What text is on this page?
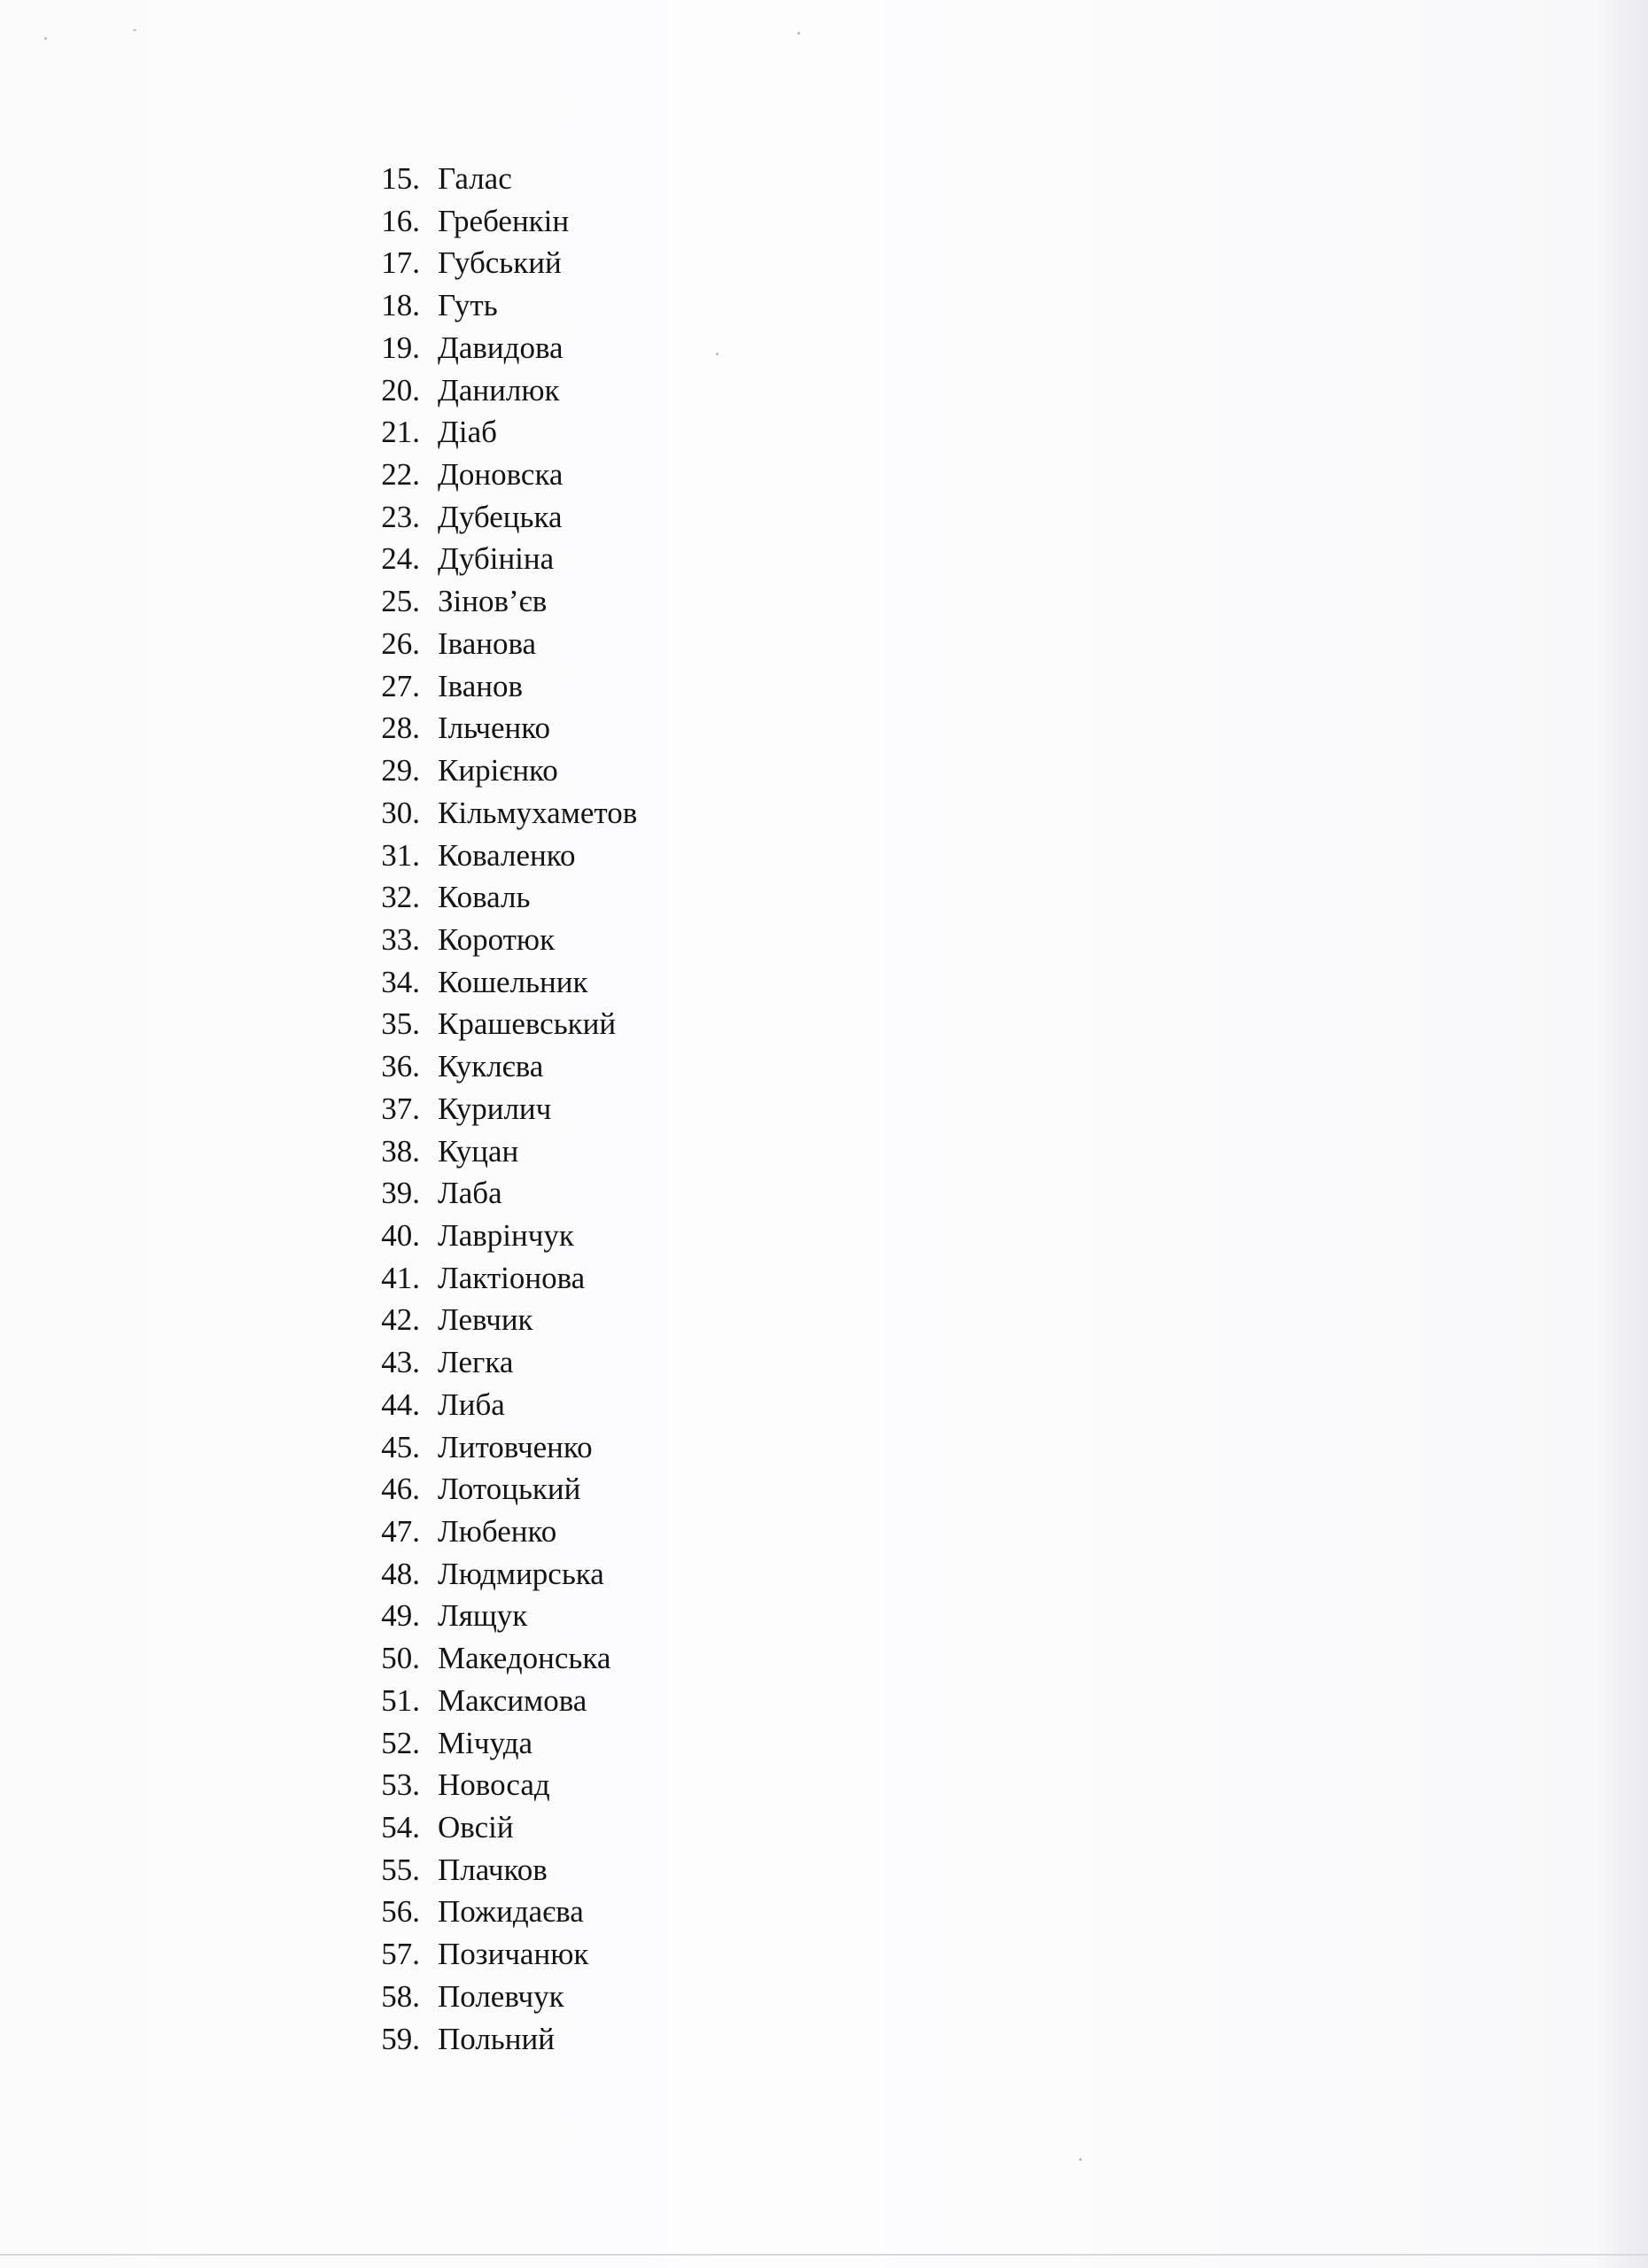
15. Галас
16. Гребенкін
17. Губський
18. Гуть
19. Давидова
20. Данилюк
21. Діаб
22. Доновска
23. Дубецька
24. Дубініна
25. Зінов’єв
26. Іванова
27. Іванов
28. Ільченко
29. Кирієнко
30. Кільмухаметов
31. Коваленко
32. Коваль
33. Коротюк
34. Кошельник
35. Крашевський
36. Куклєва
37. Курилич
38. Куцан
39. Лаба
40. Лаврінчук
41. Лактіонова
42. Левчик
43. Легка
44. Либа
45. Литовченко
46. Лотоцький
47. Любенко
48. Людмирська
49. Лящук
50. Македонська
51. Максимова
52. Мічуда
53. Новосад
54. Овсій
55. Плачков
56. Пожидаєва
57. Позичанюк
58. Полевчук
59. Польний
